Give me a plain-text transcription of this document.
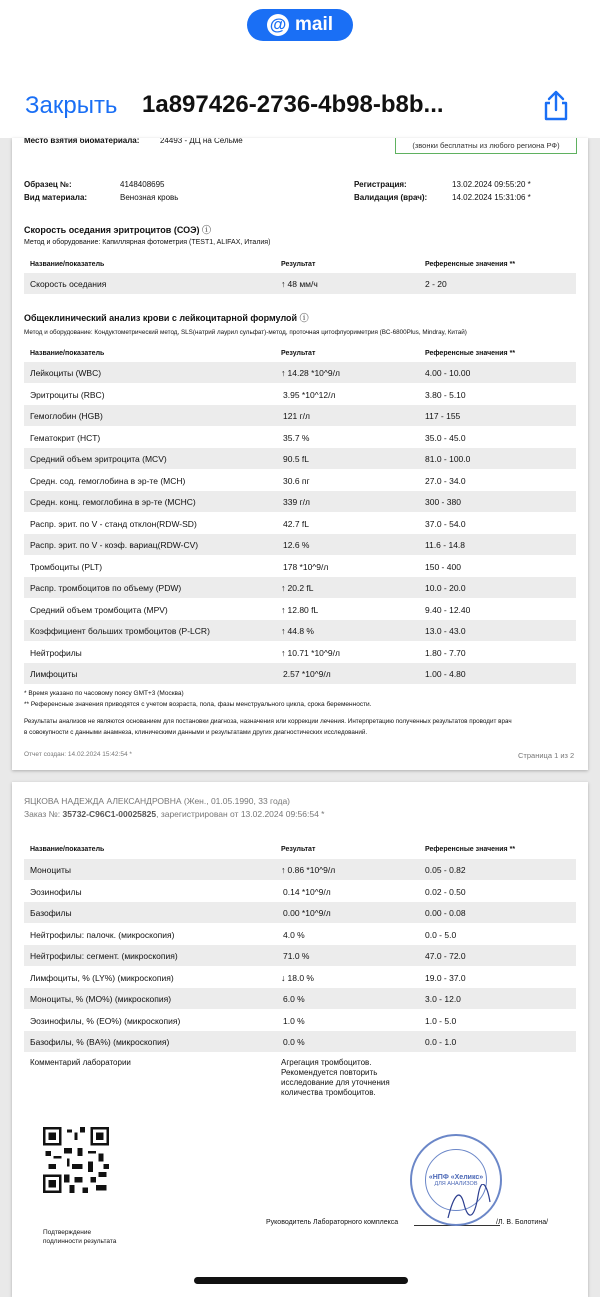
@ mail
Закрыть 1a897426-2736-4b98-b8b...
Место взятия биоматериала:	24493 - ДЦ на Сельме
(звонки бесплатны из любого региона РФ)
Образец №:	4148408695
Вид материала:	Венозная кровь
Регистрация:	13.02.2024 09:55:20 *
Валидация (врач):	14.02.2024 15:31:06 *
Скорость оседания эритроцитов (СОЭ) ⓘ
Метод и оборудование: Капиллярная фотометрия (TEST1, ALIFAX, Италия)
Название/показатель	Результат	Референсные значения **
Скорость оседания	↑ 48 мм/ч	2 - 20
Общеклинический анализ крови с лейкоцитарной формулой ⓘ
Метод и оборудование: Кондуктометрический метод, SLS(натрий лаурил сульфат)-метод, проточная цитофлуориметрия (BC-6800Plus, Mindray, Китай)
Название/показатель	Результат	Референсные значения **
Лейкоциты (WBC)	↑ 14.28 *10^9/л	4.00 - 10.00
Эритроциты (RBC)	3.95 *10^12/л	3.80 - 5.10
Гемоглобин (HGB)	121 г/л	117 - 155
Гематокрит (HCT)	35.7 %	35.0 - 45.0
Средний объем эритроцита (MCV)	90.5 fL	81.0 - 100.0
Средн. сод. гемоглобина в эр-те (MCH)	30.6 пг	27.0 - 34.0
Средн. конц. гемоглобина в эр-те (MCHC)	339 г/л	300 - 380
Распр. эрит. по V - станд отклон(RDW-SD)	42.7 fL	37.0 - 54.0
Распр. эрит. по V - коэф. вариац(RDW-CV)	12.6 %	11.6 - 14.8
Тромбоциты (PLT)	178 *10^9/л	150 - 400
Распр. тромбоцитов по объему (PDW)	↑ 20.2 fL	10.0 - 20.0
Средний объем тромбоцита (MPV)	↑ 12.80 fL	9.40 - 12.40
Коэффициент больших тромбоцитов (P-LCR)	↑ 44.8 %	13.0 - 43.0
Нейтрофилы	↑ 10.71 *10^9/л	1.80 - 7.70
Лимфоциты	2.57 *10^9/л	1.00 - 4.80
* Время указано по часовому поясу GMT+3 (Москва)
** Референсные значения приводятся с учетом возраста, пола, фазы менструального цикла, срока беременности.
Результаты анализов не являются основанием для постановки диагноза, назначения или коррекции лечения. Интерпретацию полученных результатов проводит врач
в совокупности с данными анамнеза, клиническими данными и результатами других диагностических исследований.
Отчет создан: 14.02.2024 15:42:54 *	Страница 1 из 2
ЯЦКОВА НАДЕЖДА АЛЕКСАНДРОВНА (Жен., 01.05.1990, 33 года)
Заказ №: 35732-C96C1-00025825, зарегистрирован от 13.02.2024 09:56:54 *
Название/показатель	Результат	Референсные значения **
Моноциты	↑ 0.86 *10^9/л	0.05 - 0.82
Эозинофилы	0.14 *10^9/л	0.02 - 0.50
Базофилы	0.00 *10^9/л	0.00 - 0.08
Нейтрофилы: палочк. (микроскопия)	4.0 %	0.0 - 5.0
Нейтрофилы: сегмент. (микроскопия)	71.0 %	47.0 - 72.0
Лимфоциты, % (LY%) (микроскопия)	↓ 18.0 %	19.0 - 37.0
Моноциты, % (MO%) (микроскопия)	6.0 %	3.0 - 12.0
Эозинофилы, % (EO%) (микроскопия)	1.0 %	1.0 - 5.0
Базофилы, % (BA%) (микроскопия)	0.0 %	0.0 - 1.0
Комментарий лаборатории	Агрегация тромбоцитов.
Рекомендуется повторить
исследование для уточнения
количества тромбоцитов.
Подтверждение
подлинности результата
Руководитель Лабораторного комплекса	/Л. В. Болотина/
«НПФ «Хеликс»
ДЛЯ АНАЛИЗОВ
